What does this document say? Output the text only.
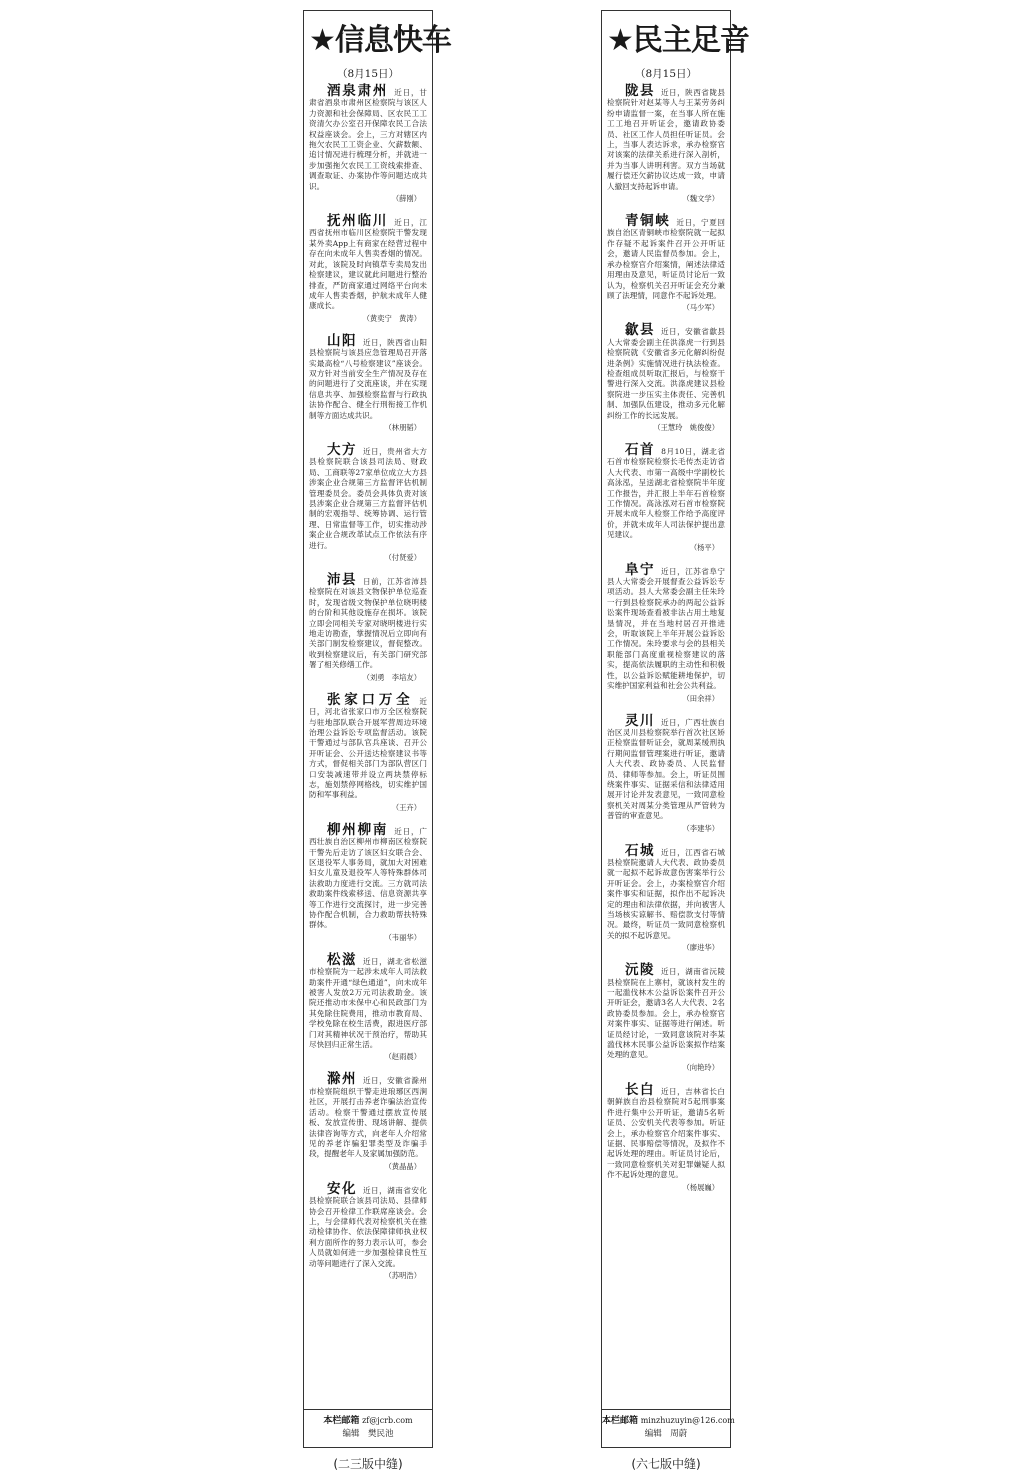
★信息快车
（8月15日）

酒泉肃州 近日，甘肃省酒泉市肃州区检察院与该区人力资源和社会保障局、区农民工工资清欠办公室召开保障农民工合法权益座谈会。会上，三方对辖区内拖欠农民工工资企业、欠薪数额、追讨情况进行梳理分析，并就进一步加强拖欠农民工工资线索排查、调查取证、办案协作等问题达成共识。

（薛刚）

抚州临川 近日，江西省抚州市临川区检察院干警发现某外卖App上有商家在经营过程中存在向未成年人售卖香烟的情况。对此，该院及时向镇草专卖局发出检察建议，建议就此问题进行整治排查，严防商家通过网络平台向未成年人售卖香烟，护航未成年人健康成长。

（黄奕宁　黄涛）

山阳 近日，陕西省山阳县检察院与该县应急管理局召开落实最高检“八号检察建议”座谈会。双方针对当前安全生产情况及存在的问题进行了交流座谈，并在实现信息共享、加强检察监督与行政执法协作配合、健全行刑衔接工作机制等方面达成共识。

（林朋韬）

大方 近日，贵州省大方县检察院联合该县司法局、财政局、工商联等27家单位成立大方县涉案企业合规第三方监督评估机制管理委员会。委员会具体负责对该县涉案企业合规第三方监督评估机制的宏观指导、统筹协调、运行管理、日常监督等工作，切实推动涉案企业合规改革试点工作依法有序进行。

（付贤爱）

沛县 日前，江苏省沛县检察院在对该县文物保护单位巡查时，发现省级文物保护单位晓明楼的台阶和其他设施存在损坏。该院立即会同相关专家对晓明楼进行实地走访勘查，掌握情况后立即向有关部门制发检察建议，督促整改。收到检察建议后，有关部门研究部署了相关修缮工作。

（刘勇　李培友）

张家口万全 近日，河北省张家口市万全区检察院与驻地部队联合开展军营周边环境治理公益诉讼专项监督活动。该院干警通过与部队官兵座谈、召开公开听证会、公开送达检察建议书等方式，督促相关部门为部队营区门口安装减速带并设立两块禁停标志，施划禁停网格线，切实维护国防和军事利益。

（王卉）

柳州柳南 近日，广西壮族自治区柳州市柳南区检察院干警先后走访了该区妇女联合会、区退役军人事务局，就加大对困难妇女儿童及退役军人等特殊群体司法救助力度进行交流。三方就司法救助案件线索移送、信息资源共享等工作进行交流探讨，进一步完善协作配合机制，合力救助帮扶特殊群体。

（韦丽华）

松滋 近日，湖北省松滋市检察院为一起涉未成年人司法救助案件开通“绿色通道”，向未成年被害人发放2万元司法救助金。该院还推动市未保中心和民政部门为其免除住院费用，推动市教育局、学校免除在校生活费，跟进医疗部门对其精神状况干预治疗，帮助其尽快回归正常生活。

（赵雨晨）

滁州 近日，安徽省滁州市检察院组织干警走进琅琊区西涧社区，开展打击养老诈骗法治宣传活动。检察干警通过摆放宣传展板、发放宣传册、现场讲解、提供法律咨询等方式，向老年人介绍常见的养老诈骗犯罪类型及诈骗手段，提醒老年人及家属加强防范。

（黄晶晶）

安化 近日，湖南省安化县检察院联合该县司法局、县律师协会召开检律工作联席座谈会。会上，与会律师代表对检察机关在推动检律协作、依法保障律师执业权利方面所作的努力表示认可，参会人员就如何进一步加强检律良性互动等问题进行了深入交流。

（苏明浩）
本栏邮箱 zf@jcrb.com
编辑　樊民池
★民主足音
（8月15日）

陇县 近日，陕西省陇县检察院针对赵某等人与王某劳务纠纷申请监督一案，在当事人所在施工工地召开听证会，邀请政协委员、社区工作人员担任听证员。会上，当事人表达诉求，承办检察官对该案的法律关系进行深入剖析，并为当事人讲明利害。双方当场就履行偿还欠薪协议达成一致，申请人撤回支持起诉申请。

（魏文学）

青铜峡 近日，宁夏回族自治区青铜峡市检察院就一起拟作存疑不起诉案件召开公开听证会，邀请人民监督员参加。会上，承办检察官介绍案情，阐述法律适用理由及意见，听证员讨论后一致认为，检察机关召开听证会充分兼顾了法理情，同意作不起诉处理。

（马少军）

歙县 近日，安徽省歙县人大常委会副主任洪涤虎一行到县检察院就《安徽省多元化解纠纷促进条例》实施情况进行执法检查。检查组成员听取汇报后，与检察干警进行深入交流。洪涤虎建议县检察院进一步压实主体责任、完善机制、加强队伍建设，推动多元化解纠纷工作的长远发展。

（王慧玲　姚俊俊）

石首 8月10日，湖北省石首市检察院检察长毛传杰走访省人大代表、市第一高级中学副校长高泳泓，呈送湖北省检察院半年度工作报告，并汇报上半年石首检察工作情况。高泳泓对石首市检察院开展未成年人检察工作给予高度评价，并就未成年人司法保护提出意见建议。

（杨平）

阜宁 近日，江苏省阜宁县人大常委会开展督查公益诉讼专项活动。县人大常委会副主任朱玲一行到县检察院承办的两起公益诉讼案件现场查看被非法占用土地复垦情况，并在当地村居召开推进会，听取该院上半年开展公益诉讼工作情况。朱玲要求与会的县相关职能部门高度重视检察建议的落实，提高依法履职的主动性和积极性，以公益诉讼赋能耕地保护，切实维护国家利益和社会公共利益。

（田余祥）

灵川 近日，广西壮族自治区灵川县检察院举行首次社区矫正检察监督听证会，就周某缓刑执行期间监督管理案进行听证，邀请人大代表、政协委员、人民监督员、律师等参加。会上，听证员围绕案件事实、证据采信和法律适用展开讨论并发表意见，一致同意检察机关对周某分类管理从严管转为普管的审查意见。

（李建华）

石城 近日，江西省石城县检察院邀请人大代表、政协委员就一起拟不起诉故意伤害案举行公开听证会。会上，办案检察官介绍案件事实和证据，拟作出不起诉决定的理由和法律依据，并向被害人当场核实谅解书、赔偿款支付等情况。最终，听证员一致同意检察机关的拟不起诉意见。

（廖进华）

沅陵 近日，湖南省沅陵县检察院在上寨村，就该村发生的一起滥伐林木公益诉讼案件召开公开听证会，邀请3名人大代表、2名政协委员参加。会上，承办检察官对案件事实、证据等进行阐述。听证员经讨论，一致同意该院对李某滥伐林木民事公益诉讼案拟作结案处理的意见。

（向艳玲）

长白 近日，吉林省长白朝鲜族自治县检察院对5起刑事案件进行集中公开听证，邀请5名听证员、公安机关代表等参加。听证会上，承办检察官介绍案件事实、证据、民事赔偿等情况，及拟作不起诉处理的理由。听证员讨论后，一致同意检察机关对犯罪嫌疑人拟作不起诉处理的意见。

（杨展巍）
本栏邮箱 minzhuzuyin@126.com
编辑　周蔚
(二三版中缝)	(六七版中缝)
